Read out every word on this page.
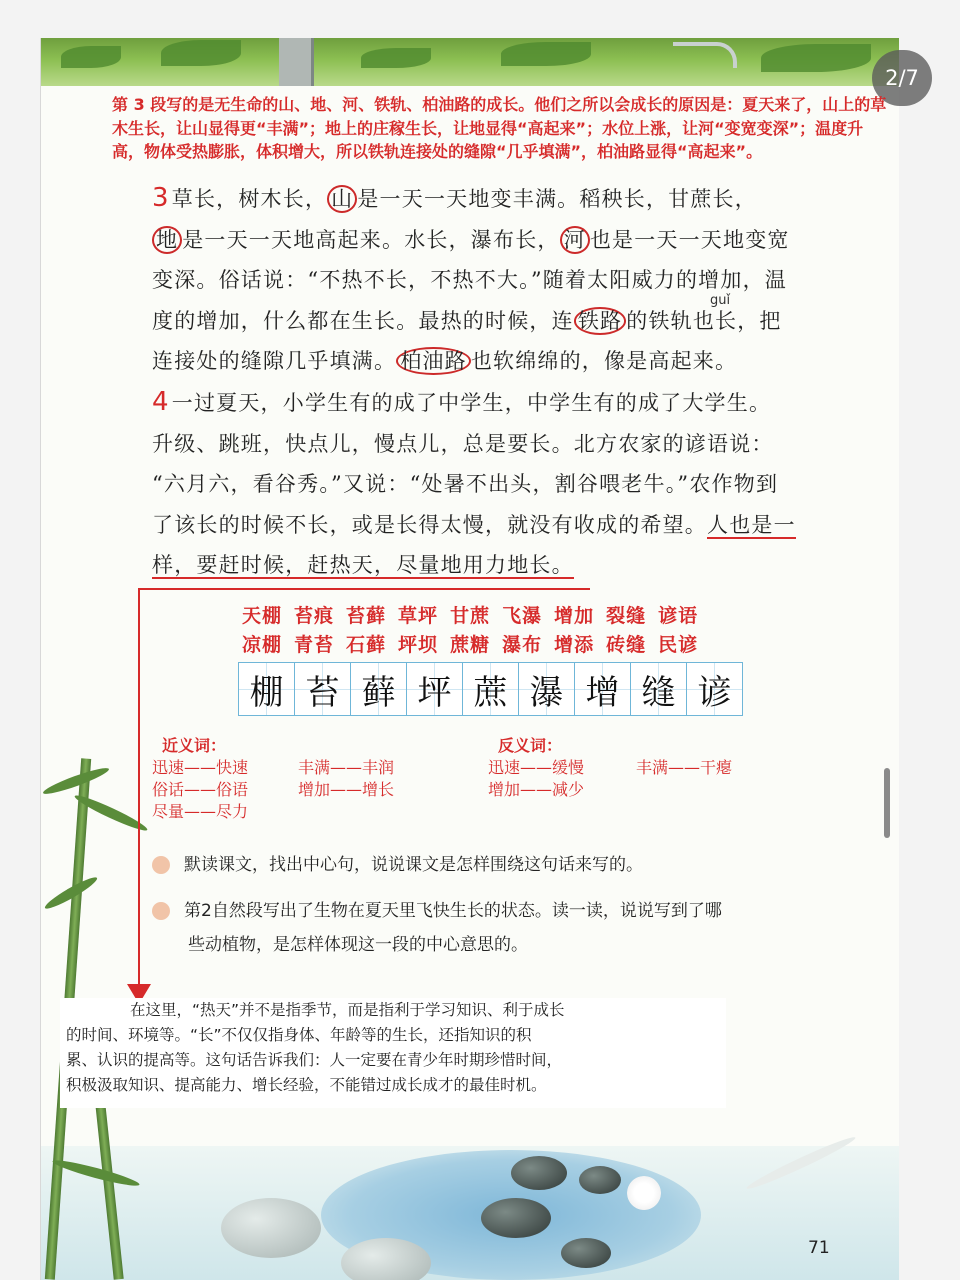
2/7
第 3 段写的是无生命的山、地、河、铁轨、柏油路的成长。他们之所以会成长的原因是：夏天来了，山上的草木生长，让山显得更“丰满”；地上的庄稼生长，让地显得“高起来”；水位上涨，让河“变宽变深”；温度升高，物体受热膨胀，体积增大，所以铁轨连接处的缝隙“几乎填满”，柏油路显得“高起来”。
3草长，树木长， 山 是一天一天地变丰满。稻秧长，甘蔗长，
地 是一天一天地高起来。水长，瀑布长， 河 也是一天一天地变宽
变深。俗话说：“不热不长，不热不大。”随着太阳威力的增加，温
度的增加，什么都在生长。最热的时候，连 铁路 的铁轨也长，把
连接处的缝隙几乎填满。 柏油路 也软绵绵的，像是高起来。
guǐ
4一过夏天，小学生有的成了中学生，中学生有的成了大学生。
升级、跳班，快点儿，慢点儿，总是要长。北方农家的谚语说：
“六月六，看谷秀。”又说：“处暑不出头，割谷喂老牛。”农作物到
了该长的时候不长，或是长得太慢，就没有收成的希望。人也是一
样，要赶时候，赶热天，尽量地用力地长。
天棚 苔痕 苔藓 草坪 甘蔗 飞瀑 增加 裂缝 谚语
凉棚 青苔 石藓 坪坝 蔗糖 瀑布 增添 砖缝 民谚
棚 苔 藓 坪 蔗 瀑 增 缝 谚
近义词：
迅速——快速
俗话——俗语
尽量——尽力
丰满——丰润
增加——增长
反义词：
迅速——缓慢
增加——减少
丰满——干瘪
默读课文，找出中心句，说说课文是怎样围绕这句话来写的。
第2自然段写出了生物在夏天里飞快生长的状态。读一读，说说写到了哪
些动植物，是怎样体现这一段的中心意思的。

在这里，“热天”并不是指季节，而是指利于学习知识、利于成长

的时间、环境等。“长”不仅仅指身体、年龄等的生长，还指知识的积

累、认识的提高等。这句话告诉我们：人一定要在青少年时期珍惜时间，

积极汲取知识、提高能力、增长经验，不能错过成长成才的最佳时机。

71
